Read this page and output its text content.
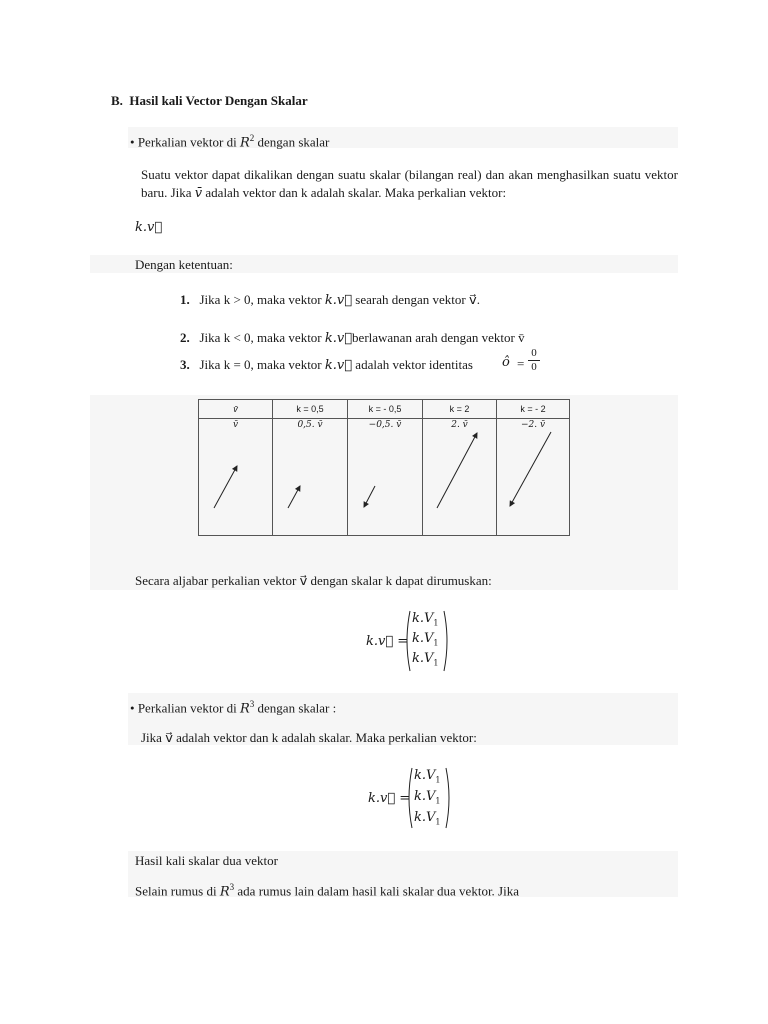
B. Hasil kali Vector Dengan Skalar
• Perkalian vektor di $R^2$ dengan skalar
Suatu vektor dapat dikalikan dengan suatu skalar (bilangan real) dan akan menghasilkan suatu vektor baru. Jika v̄ adalah vektor dan k adalah skalar. Maka perkalian vektor:
k.v⃗
Dengan ketentuan:
1. Jika k > 0, maka vektor k.v⃗ searah dengan vektor v⃗.
2. Jika k < 0, maka vektor k.v⃗berlawanan arah dengan vektor v̄
3. Jika k = 0, maka vektor k.v⃗ adalah vektor identitas ô = $\frac{0}{0}$
v̄	k = 0,5	k = - 0,5	k = 2	k = - 2
v̄	0,5. v̄	−0,5. v̄	2. v̄	−2. v̄
Secara aljabar perkalian vektor v⃗ dengan skalar k dapat dirumuskan:
k.v⃗ =
$k.V_1$
$k.V_1$
$k.V_1$
• Perkalian vektor di $R^3$ dengan skalar :
Jika v⃗ adalah vektor dan k adalah skalar. Maka perkalian vektor:
k.v⃗ =
$k.V_1$
$k.V_1$
$k.V_1$
Hasil kali skalar dua vektor
Selain rumus di $R^3$ ada rumus lain dalam hasil kali skalar dua vektor. Jika
